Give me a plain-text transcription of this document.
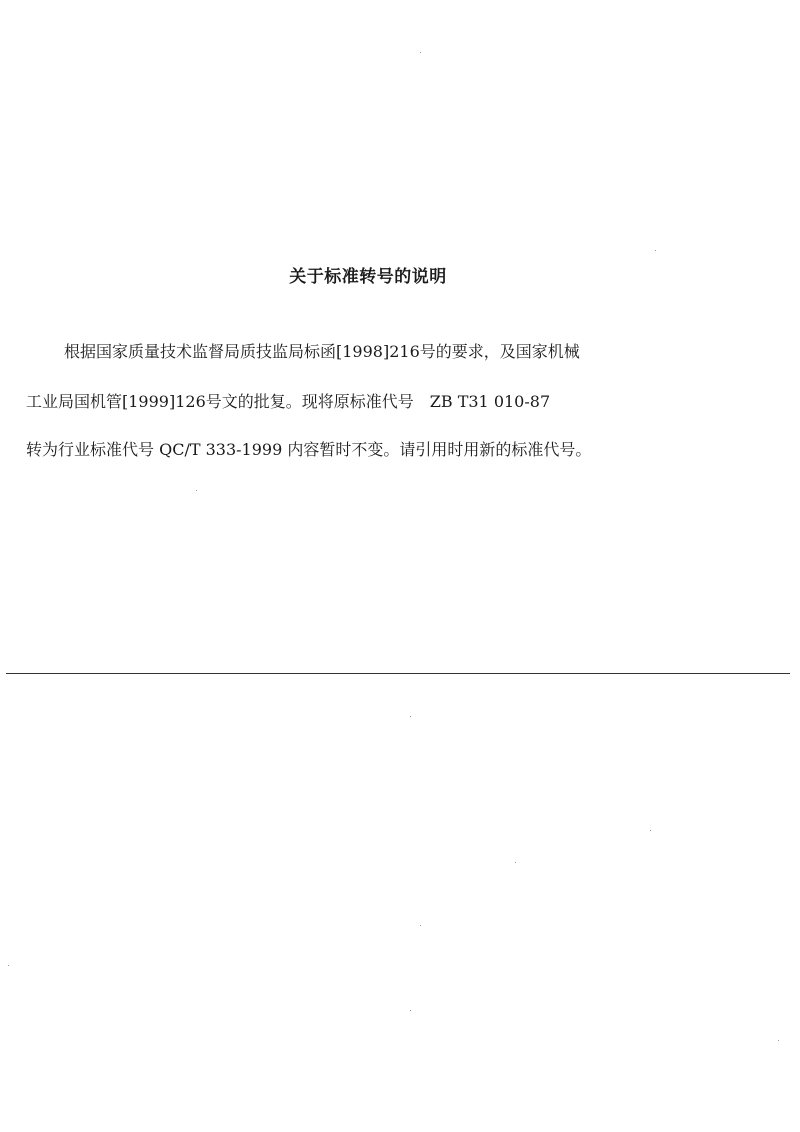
关于标准转号的说明
根据国家质量技术监督局质技监局标函[1998]216号的要求，及国家机械
工业局国机管[1999]126号文的批复。现将原标准代号　ZB T31 010-87
转为行业标准代号 QC/T 333-1999 内容暂时不变。请引用时用新的标准代号。
